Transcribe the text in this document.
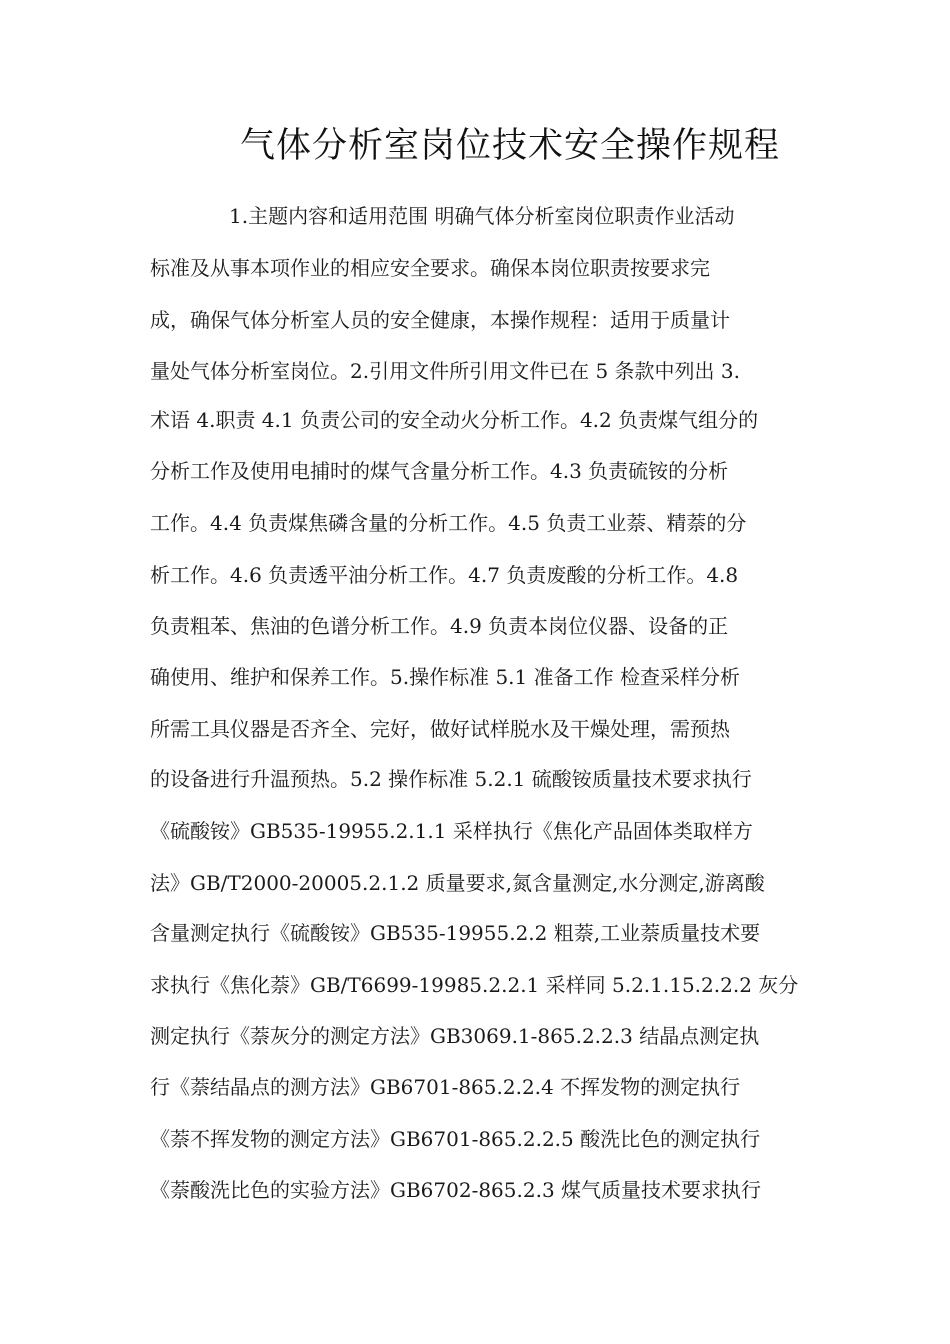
气体分析室岗位技术安全操作规程
1.主题内容和适用范围 明确气体分析室岗位职责作业活动
标准及从事本项作业的相应安全要求。确保本岗位职责按要求完
成，确保气体分析室人员的安全健康，本操作规程：适用于质量计
量处气体分析室岗位。2.引用文件所引用文件已在 5 条款中列出 3.
术语 4.职责 4.1 负责公司的安全动火分析工作。4.2 负责煤气组分的
分析工作及使用电捕时的煤气含量分析工作。4.3 负责硫铵的分析
工作。4.4 负责煤焦磷含量的分析工作。4.5 负责工业萘、精萘的分
析工作。4.6 负责透平油分析工作。4.7 负责废酸的分析工作。4.8
负责粗苯、焦油的色谱分析工作。4.9 负责本岗位仪器、设备的正
确使用、维护和保养工作。5.操作标准 5.1 准备工作 检查采样分析
所需工具仪器是否齐全、完好，做好试样脱水及干燥处理，需预热
的设备进行升温预热。5.2 操作标准 5.2.1 硫酸铵质量技术要求执行
《硫酸铵》GB535-19955.2.1.1 采样执行《焦化产品固体类取样方
法》GB/T2000-20005.2.1.2 质量要求,氮含量测定,水分测定,游离酸
含量测定执行《硫酸铵》GB535-19955.2.2 粗萘,工业萘质量技术要
求执行《焦化萘》GB/T6699-19985.2.2.1 采样同 5.2.1.15.2.2.2 灰分
测定执行《萘灰分的测定方法》GB3069.1-865.2.2.3 结晶点测定执
行《萘结晶点的测方法》GB6701-865.2.2.4 不挥发物的测定执行
《萘不挥发物的测定方法》GB6701-865.2.2.5 酸洗比色的测定执行
《萘酸洗比色的实验方法》GB6702-865.2.3 煤气质量技术要求执行
